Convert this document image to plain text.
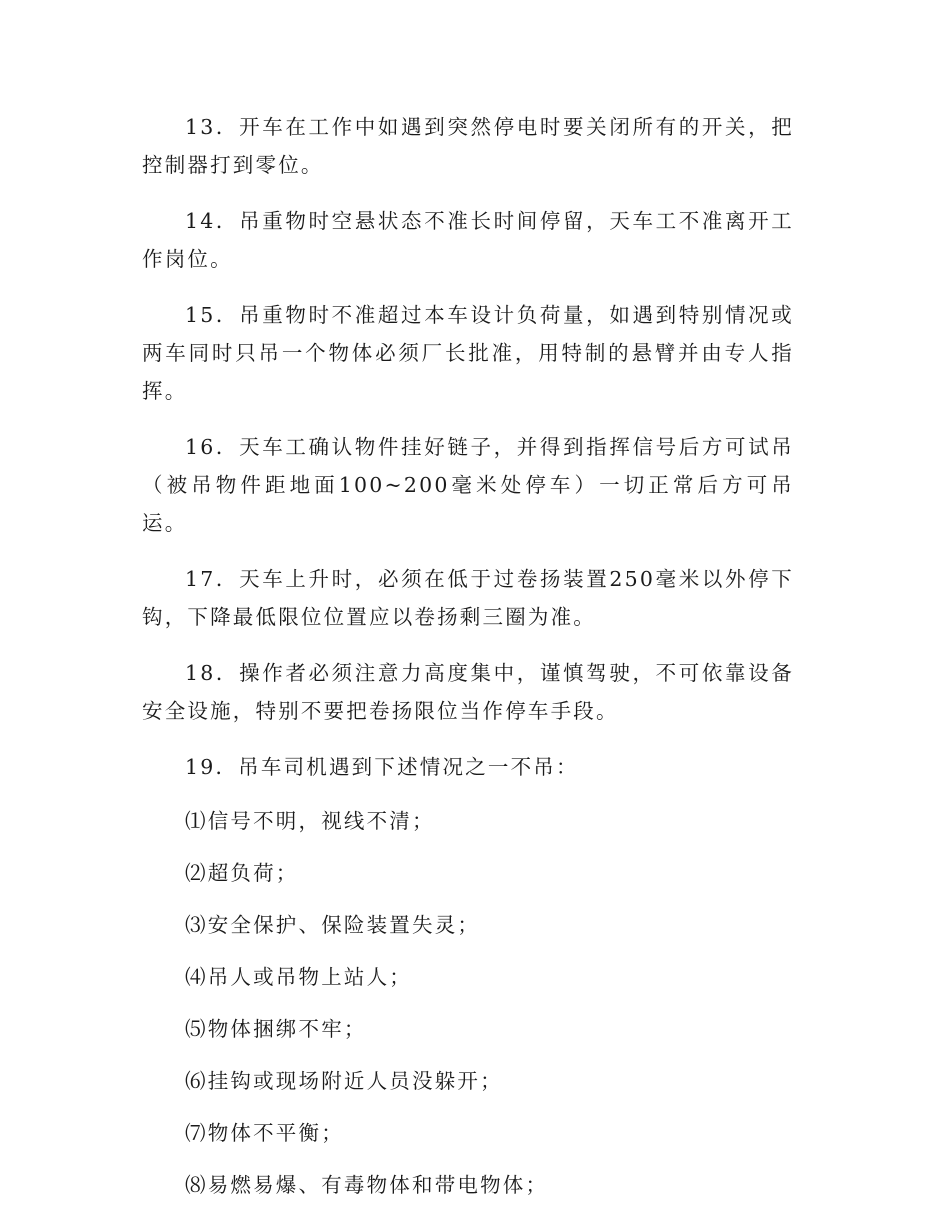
13．开车在工作中如遇到突然停电时要关闭所有的开关，把控制器打到零位。

14．吊重物时空悬状态不准长时间停留，天车工不准离开工作岗位。

15．吊重物时不准超过本车设计负荷量，如遇到特别情况或两车同时只吊一个物体必须厂长批准，用特制的悬臂并由专人指挥。

16．天车工确认物件挂好链子，并得到指挥信号后方可试吊（被吊物件距地面100~200毫米处停车）一切正常后方可吊运。

17．天车上升时，必须在低于过卷扬装置250毫米以外停下钩，下降最低限位位置应以卷扬剩三圈为准。

18．操作者必须注意力高度集中，谨慎驾驶，不可依靠设备安全设施，特别不要把卷扬限位当作停车手段。

19．吊车司机遇到下述情况之一不吊：

⑴信号不明，视线不清；

⑵超负荷；

⑶安全保护、保险装置失灵；

⑷吊人或吊物上站人；

⑸物体捆绑不牢；

⑹挂钩或现场附近人员没躲开；

⑺物体不平衡；

⑻易燃易爆、有毒物体和带电物体；
